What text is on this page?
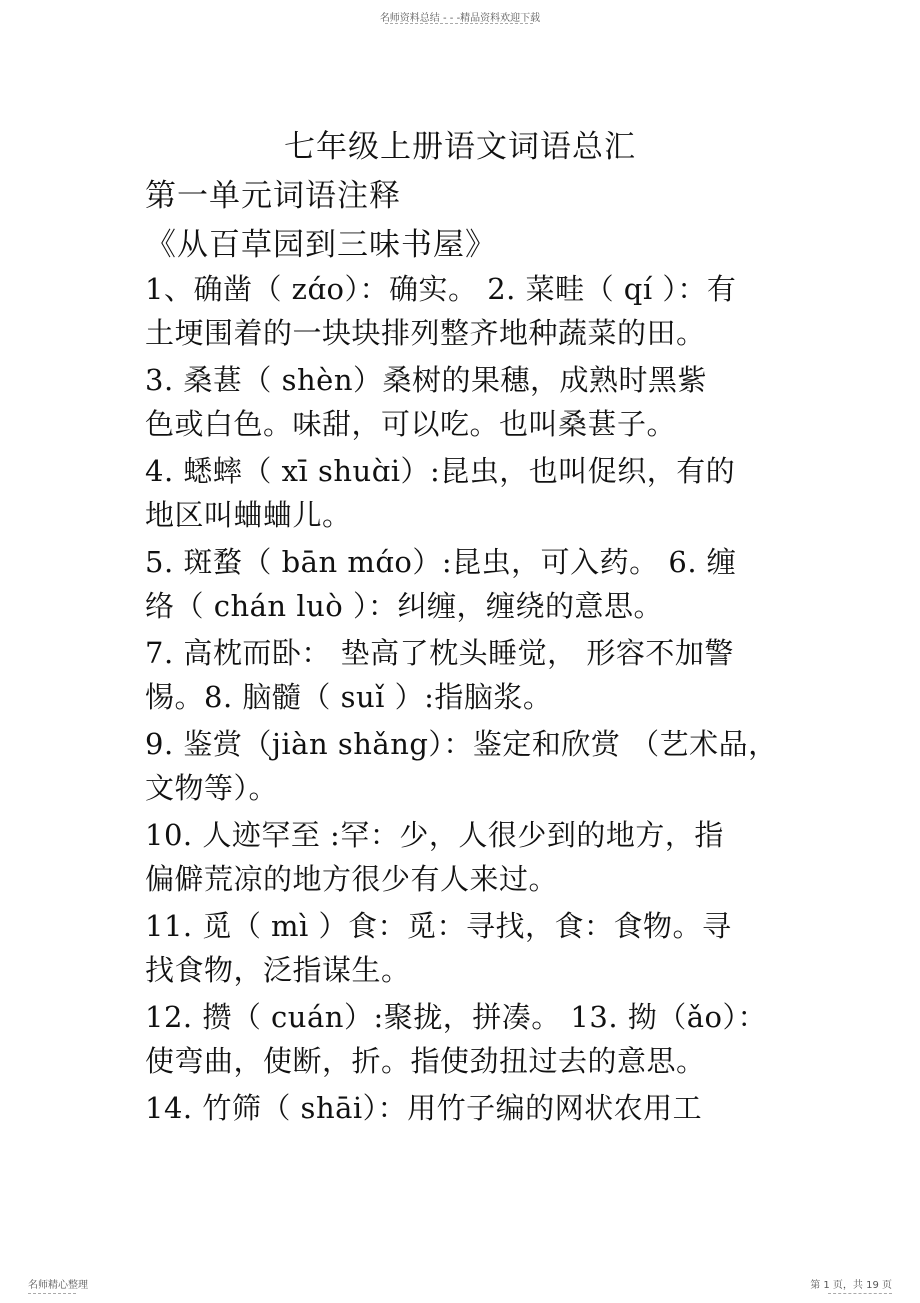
名师资料总结 - - -精品资料欢迎下载
七年级上册语文词语总汇
第一单元词语注释
《从百草园到三味书屋》
1、确凿（ zɑ́o）：确实。 2. 菜畦（ qí ）：有
土埂围着的一块块排列整齐地种蔬菜的田。
3. 桑葚（ shèn）桑树的果穗，成熟时黑紫
色或白色。味甜，可以吃。也叫桑葚子。
4. 蟋蟀（ xī shuɑ̀i）:昆虫，也叫促织，有的
地区叫蛐蛐儿。
5. 斑蝥（ bān mɑ́o）:昆虫，可入药。 6. 缠
络（ chán luò ）：纠缠，缠绕的意思。
7. 高枕而卧： 垫高了枕头睡觉， 形容不加警
惕。8. 脑髓（ suǐ ）:指脑浆。
9. 鉴赏（jiàn shǎng）：鉴定和欣赏 （艺术品，
文物等）。
10. 人迹罕至 :罕：少，人很少到的地方，指
偏僻荒凉的地方很少有人来过。
11. 觅（ mì ）食：觅：寻找，食：食物。寻
找食物，泛指谋生。
12. 攒（ cuán）:聚拢，拼凑。 13. 拗（ǎo）：
使弯曲，使断，折。指使劲扭过去的意思。
14. 竹筛（ shāi）：用竹子编的网状农用工
名师精心整理	第 1 页，共 19 页
